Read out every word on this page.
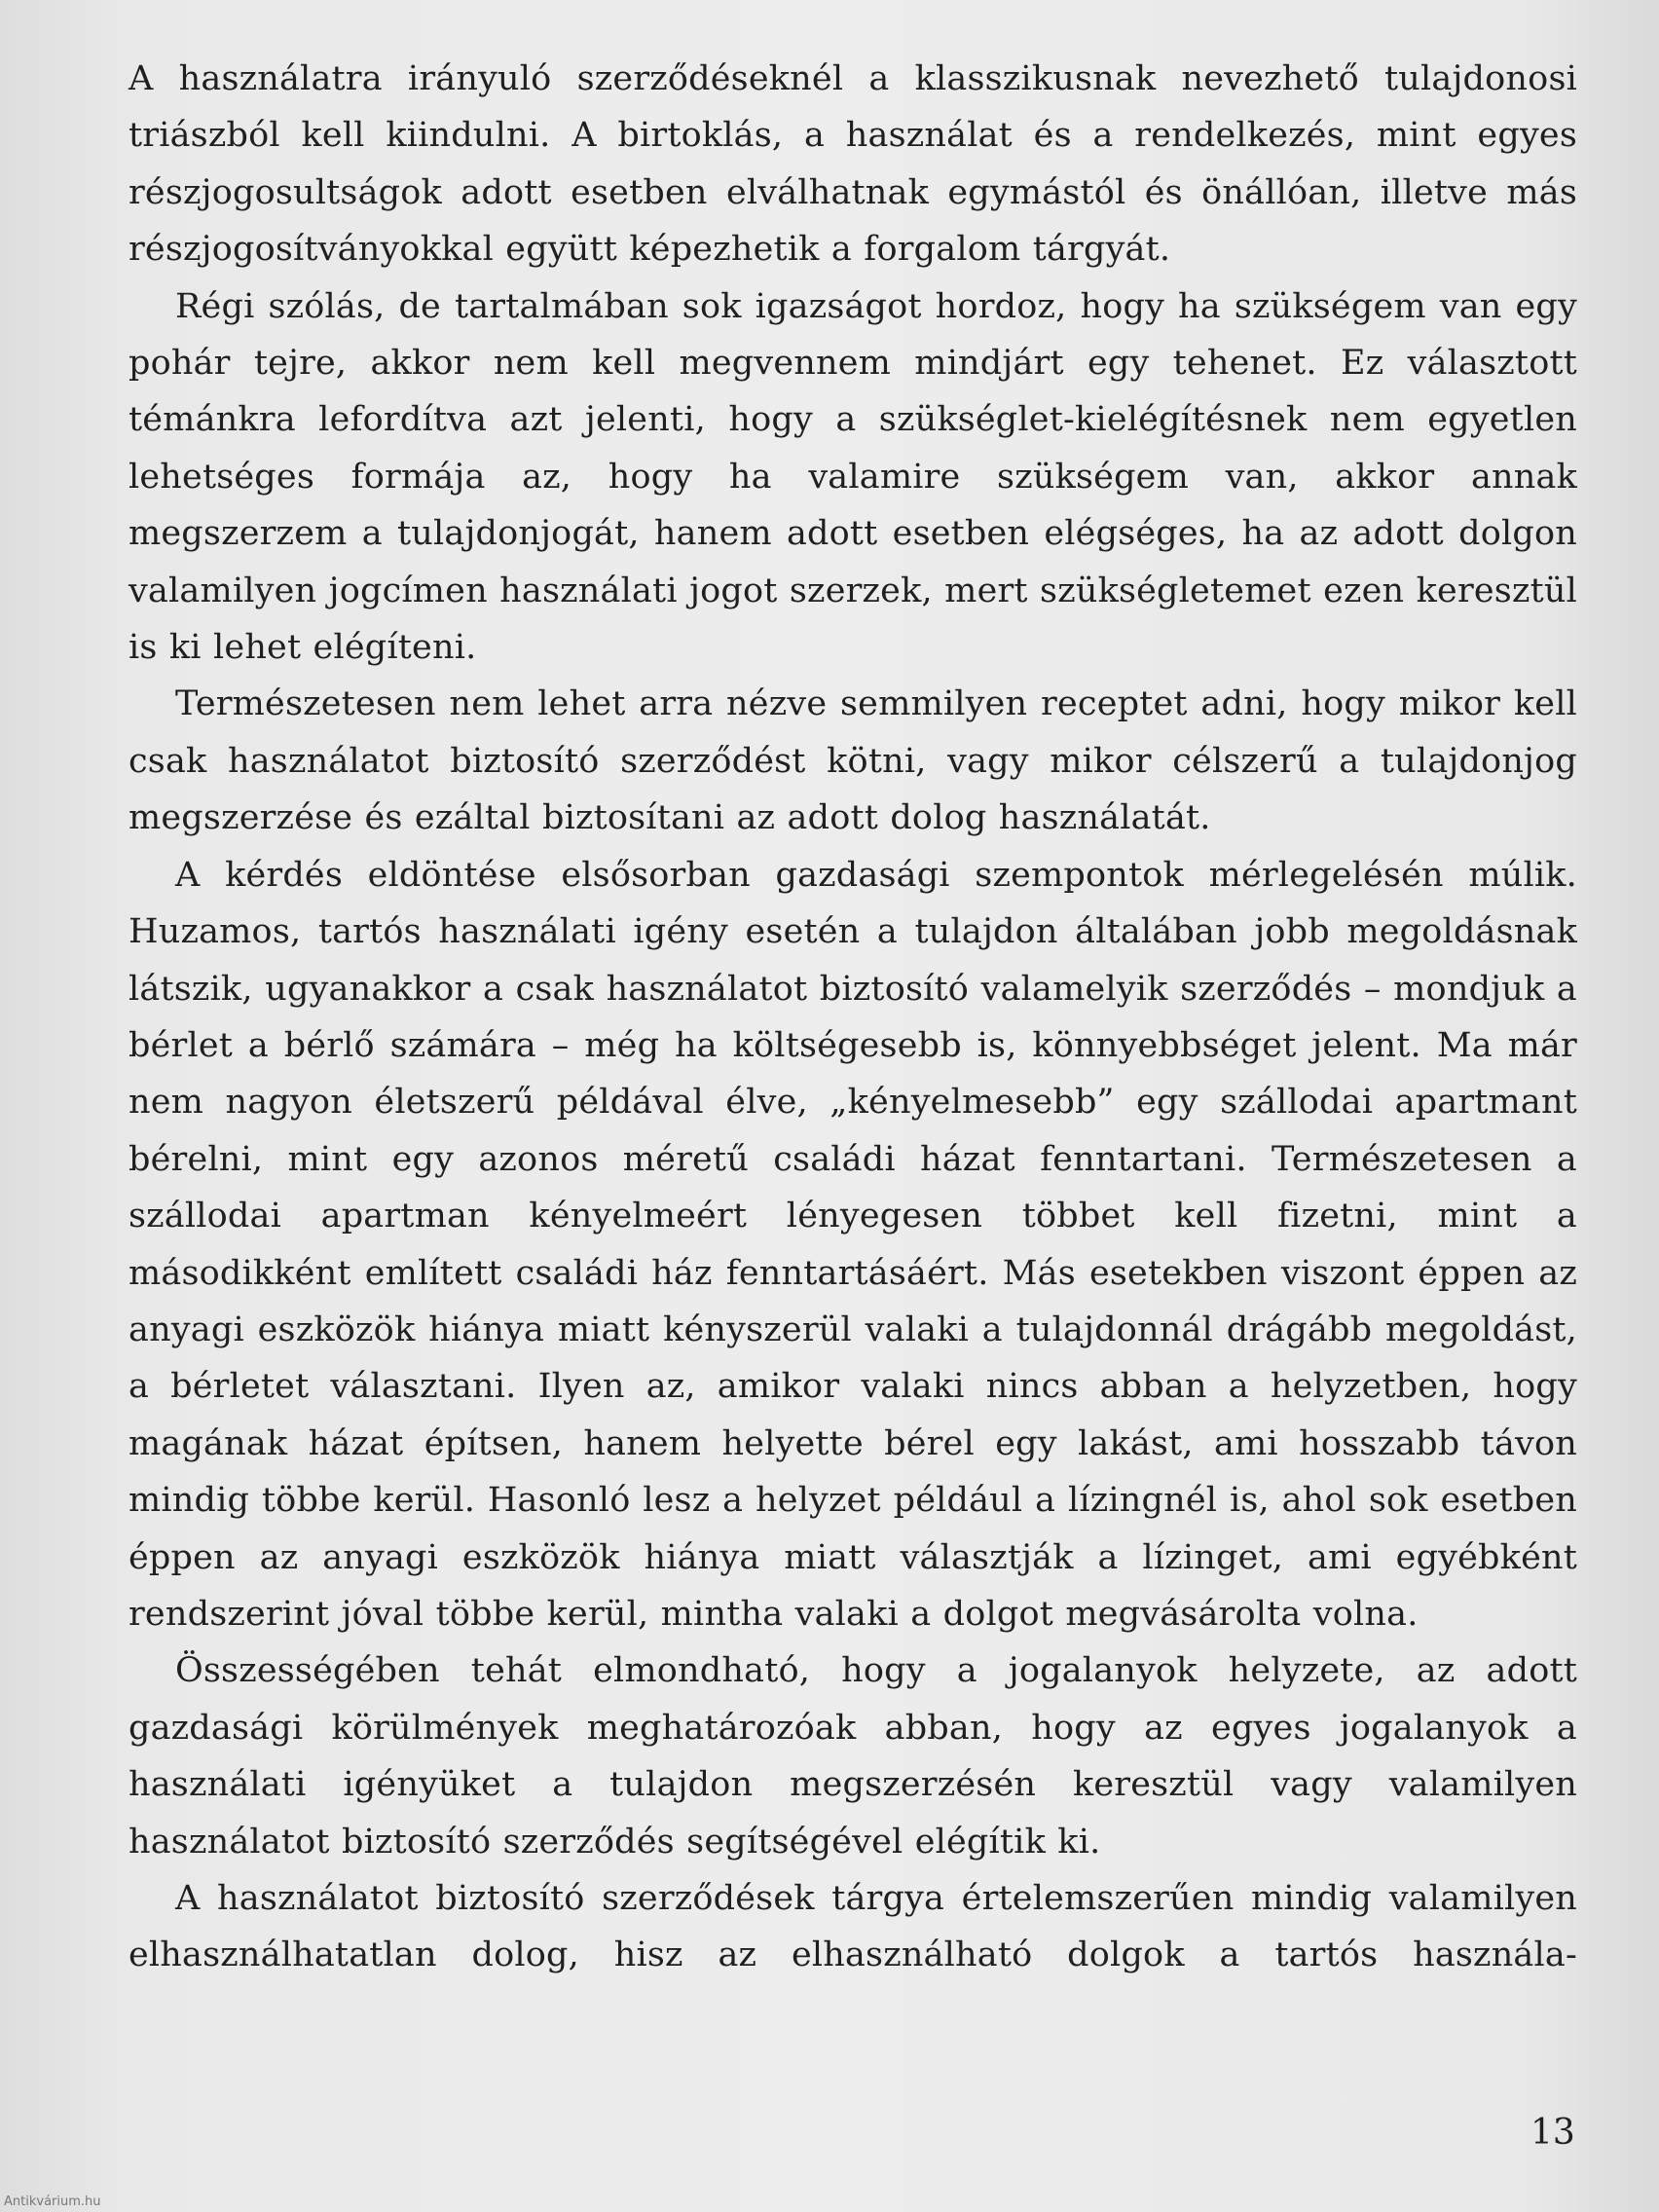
A használatra irányuló szerződéseknél a klasszikusnak nevezhető tulajdonosi triászból kell kiindulni. A birtoklás, a használat és a rendelkezés, mint egyes részjogosultságok adott esetben elválhatnak egymástól és önállóan, illetve más részjogosítványokkal együtt képezhetik a forgalom tárgyát.

Régi szólás, de tartalmában sok igazságot hordoz, hogy ha szükségem van egy pohár tejre, akkor nem kell megvennem mindjárt egy tehenet. Ez választott témánkra lefordítva azt jelenti, hogy a szükséglet-kielégítésnek nem egyetlen lehetséges formája az, hogy ha valamire szükségem van, akkor annak megszerzem a tulajdonjogát, hanem adott esetben elégséges, ha az adott dolgon valamilyen jogcímen használati jogot szerzek, mert szükségletemet ezen keresztül is ki lehet elégíteni.

Természetesen nem lehet arra nézve semmilyen receptet adni, hogy mikor kell csak használatot biztosító szerződést kötni, vagy mikor célszerű a tulajdonjog megszerzése és ezáltal biztosítani az adott dolog használatát.

A kérdés eldöntése elsősorban gazdasági szempontok mérlegelésén múlik. Huzamos, tartós használati igény esetén a tulajdon általában jobb megoldásnak látszik, ugyanakkor a csak használatot biztosító valamelyik szerződés – mondjuk a bérlet a bérlő számára – még ha költségesebb is, könnyebbséget jelent. Ma már nem nagyon életszerű példával élve, „kényelmesebb” egy szállodai apartmant bérelni, mint egy azonos méretű családi házat fenntartani. Természetesen a szállodai apartman kényelmeért lényegesen többet kell fizetni, mint a másodikként említett családi ház fenntartásáért. Más esetekben viszont éppen az anyagi eszközök hiánya miatt kényszerül valaki a tulajdonnál drágább megoldást, a bérletet választani. Ilyen az, amikor valaki nincs abban a helyzetben, hogy magának házat építsen, hanem helyette bérel egy lakást, ami hosszabb távon mindig többe kerül. Hasonló lesz a helyzet például a lízingnél is, ahol sok esetben éppen az anyagi eszközök hiánya miatt választják a lízinget, ami egyébként rendszerint jóval többe kerül, mintha valaki a dolgot megvásárolta volna.

Összességében tehát elmondható, hogy a jogalanyok helyzete, az adott gazdasági körülmények meghatározóak abban, hogy az egyes jogalanyok a használati igényüket a tulajdon megszerzésén keresztül vagy valamilyen használatot biztosító szerződés segítségével elégítik ki.

A használatot biztosító szerződések tárgya értelemszerűen mindig valamilyen elhasználhatatlan dolog, hisz az elhasználható dolgok a tartós használa-

13
Antikvárium.hu
